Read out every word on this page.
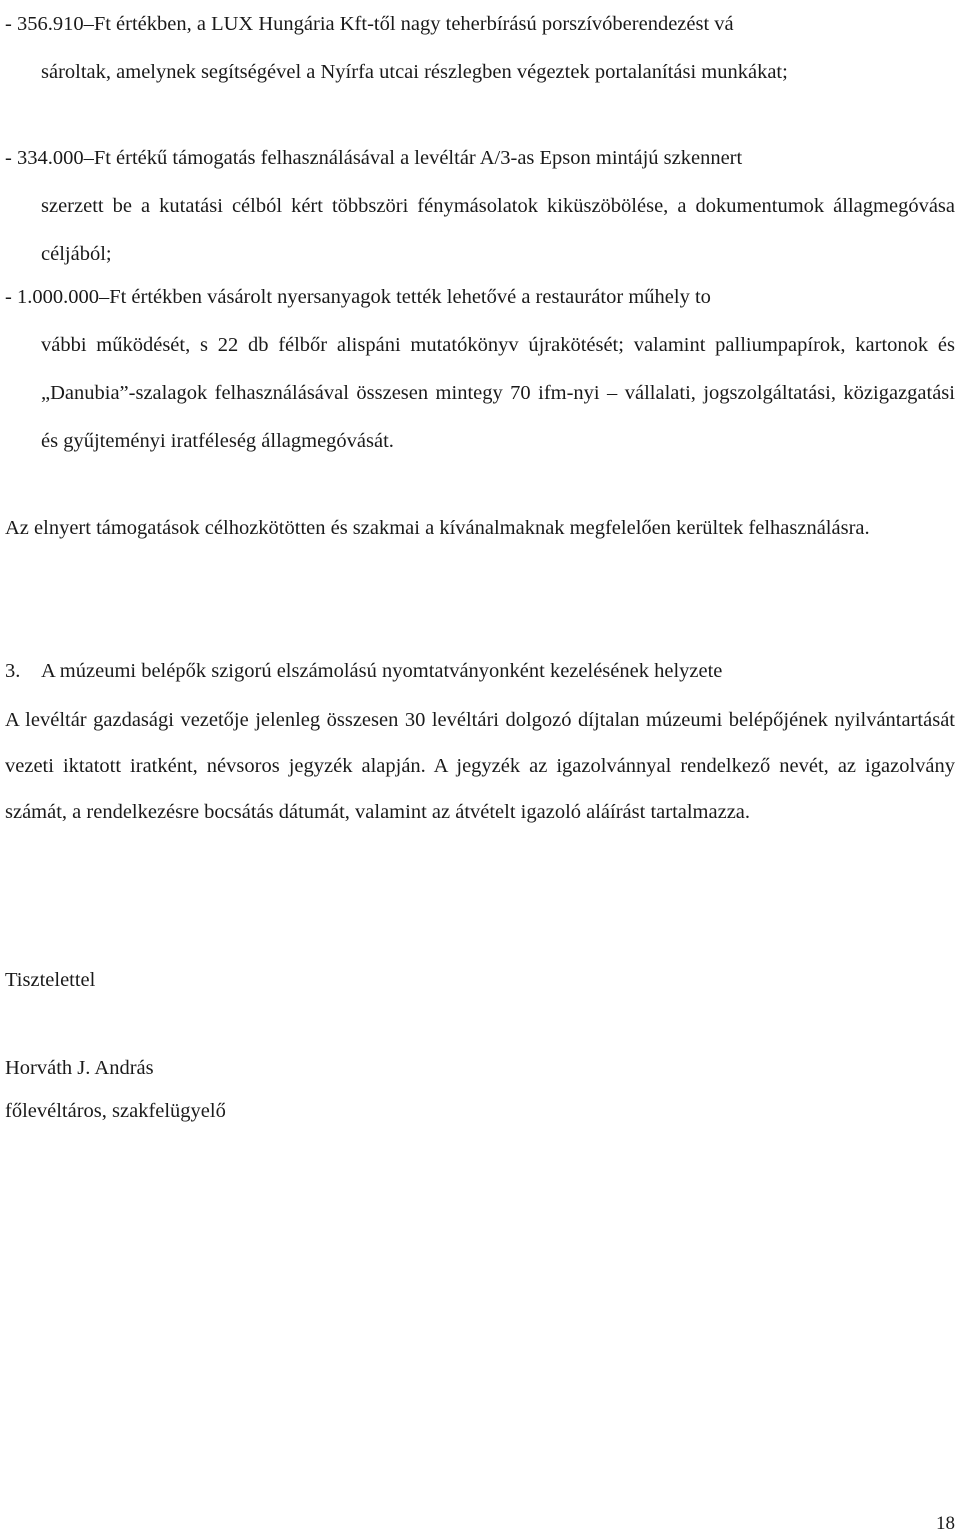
- 356.910–Ft értékben, a LUX Hungária Kft-től nagy teherbírású porszívóberendezést vá
sároltak, amelynek segítségével a Nyírfa utcai részlegben végeztek portalanítási munkákat;
- 334.000–Ft értékű támogatás felhasználásával a levéltár A/3-as Epson mintájú szkennert
szerzett be a kutatási célból kért többszöri fénymásolatok kiküszöbölése, a dokumentumok állagmegóvása céljából;
- 1.000.000–Ft értékben vásárolt nyersanyagok tették lehetővé a restaurátor műhely to
vábbi működését, s 22 db félbőr alispáni mutatókönyv újrakötését; valamint palliumpapírok, kartonok és „Danubia”-szalagok felhasználásával összesen mintegy 70 ifm-nyi – vállalati, jogszolgáltatási, közigazgatási és gyűjteményi iratféleség állagmegóvását.
Az elnyert támogatások célhozkötötten és szakmai a kívánalmaknak megfelelően kerültek felhasználásra.
3. A múzeumi belépők szigorú elszámolású nyomtatványonként kezelésének helyzete
A levéltár gazdasági vezetője jelenleg összesen 30 levéltári dolgozó díjtalan múzeumi belépőjének nyilvántartását vezeti iktatott iratként, névsoros jegyzék alapján. A jegyzék az igazolvánnyal rendelkező nevét, az igazolvány számát, a rendelkezésre bocsátás dátumát, valamint az átvételt igazoló aláírást tartalmazza.
Tisztelettel
Horváth J. András
főlevéltáros, szakfelügyelő
18
